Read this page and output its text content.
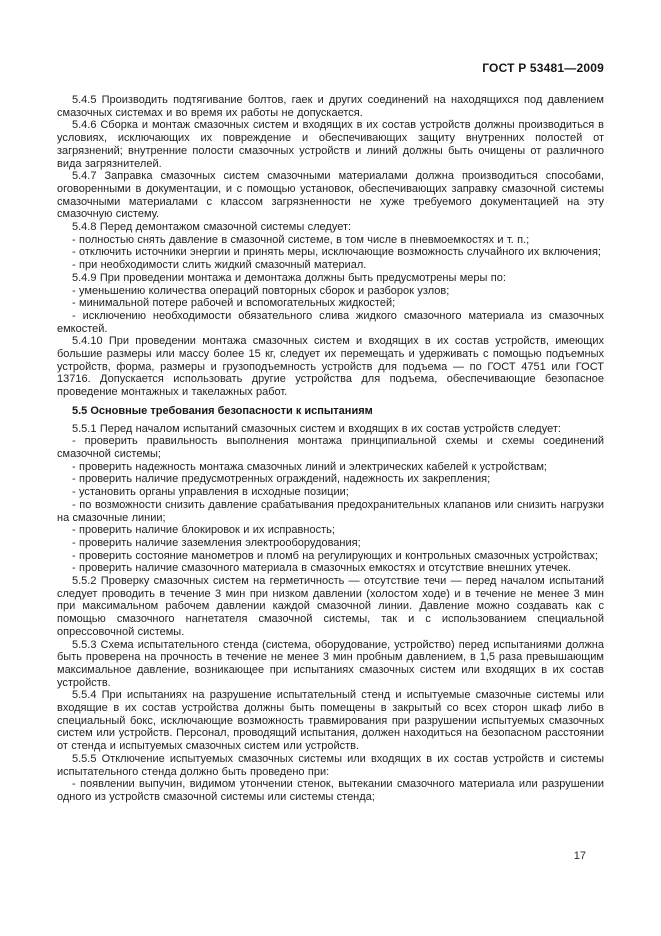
ГОСТ Р 53481—2009

5.4.5 Производить подтягивание болтов, гаек и других соединений на находящихся под давлением смазочных системах и во время их работы не допускается.

5.4.6 Сборка и монтаж смазочных систем и входящих в их состав устройств должны производиться в условиях, исключающих их повреждение и обеспечивающих защиту внутренних полостей от загрязнений; внутренние полости смазочных устройств и линий должны быть очищены от различного вида загрязнителей.

5.4.7 Заправка смазочных систем смазочными материалами должна производиться способами, оговоренными в документации, и с помощью установок, обеспечивающих заправку смазочной системы смазочными материалами с классом загрязненности не хуже требуемого документацией на эту смазочную систему.

5.4.8 Перед демонтажом смазочной системы следует:

- полностью снять давление в смазочной системе, в том числе в пневмоемкостях и т. п.;

- отключить источники энергии и принять меры, исключающие возможность случайного их включения;

- при необходимости слить жидкий смазочный материал.

5.4.9 При проведении монтажа и демонтажа должны быть предусмотрены меры по:

- уменьшению количества операций повторных сборок и разборок узлов;

- минимальной потере рабочей и вспомогательных жидкостей;

- исключению необходимости обязательного слива жидкого смазочного материала из смазочных емкостей.

5.4.10 При проведении монтажа смазочных систем и входящих в их состав устройств, имеющих большие размеры или массу более 15 кг, следует их перемещать и удерживать с помощью подъемных устройств, форма, размеры и грузоподъемность устройств для подъема — по ГОСТ 4751 или ГОСТ 13716. Допускается использовать другие устройства для подъема, обеспечивающие безопасное проведение монтажных и такелажных работ.

5.5 Основные требования безопасности к испытаниям

5.5.1 Перед началом испытаний смазочных систем и входящих в их состав устройств следует:

- проверить правильность выполнения монтажа принципиальной схемы и схемы соединений смазочной системы;

- проверить надежность монтажа смазочных линий и электрических кабелей к устройствам;

- проверить наличие предусмотренных ограждений, надежность их закрепления;

- установить органы управления в исходные позиции;

- по возможности снизить давление срабатывания предохранительных клапанов или снизить нагрузки на смазочные линии;

- проверить наличие блокировок и их исправность;

- проверить наличие заземления электрооборудования;

- проверить состояние манометров и пломб на регулирующих и контрольных смазочных устройствах;

- проверить наличие смазочного материала в смазочных емкостях и отсутствие внешних утечек.

5.5.2 Проверку смазочных систем на герметичность — отсутствие течи — перед началом испытаний следует проводить в течение 3 мин при низком давлении (холостом ходе) и в течение не менее 3 мин при максимальном рабочем давлении каждой смазочной линии. Давление можно создавать как с помощью смазочного нагнетателя смазочной системы, так и с использованием специальной опрессовочной системы.

5.5.3 Схема испытательного стенда (система, оборудование, устройство) перед испытаниями должна быть проверена на прочность в течение не менее 3 мин пробным давлением, в 1,5 раза превышающим максимальное давление, возникающее при испытаниях смазочных систем или входящих в их состав устройств.

5.5.4 При испытаниях на разрушение испытательный стенд и испытуемые смазочные системы или входящие в их состав устройства должны быть помещены в закрытый со всех сторон шкаф либо в специальный бокс, исключающие возможность травмирования при разрушении испытуемых смазочных систем или устройств. Персонал, проводящий испытания, должен находиться на безопасном расстоянии от стенда и испытуемых смазочных систем или устройств.

5.5.5 Отключение испытуемых смазочных системы или входящих в их состав устройств и системы испытательного стенда должно быть проведено при:

- появлении выпучин, видимом утончении стенок, вытекании смазочного материала или разрушении одного из устройств смазочной системы или системы стенда;

17
